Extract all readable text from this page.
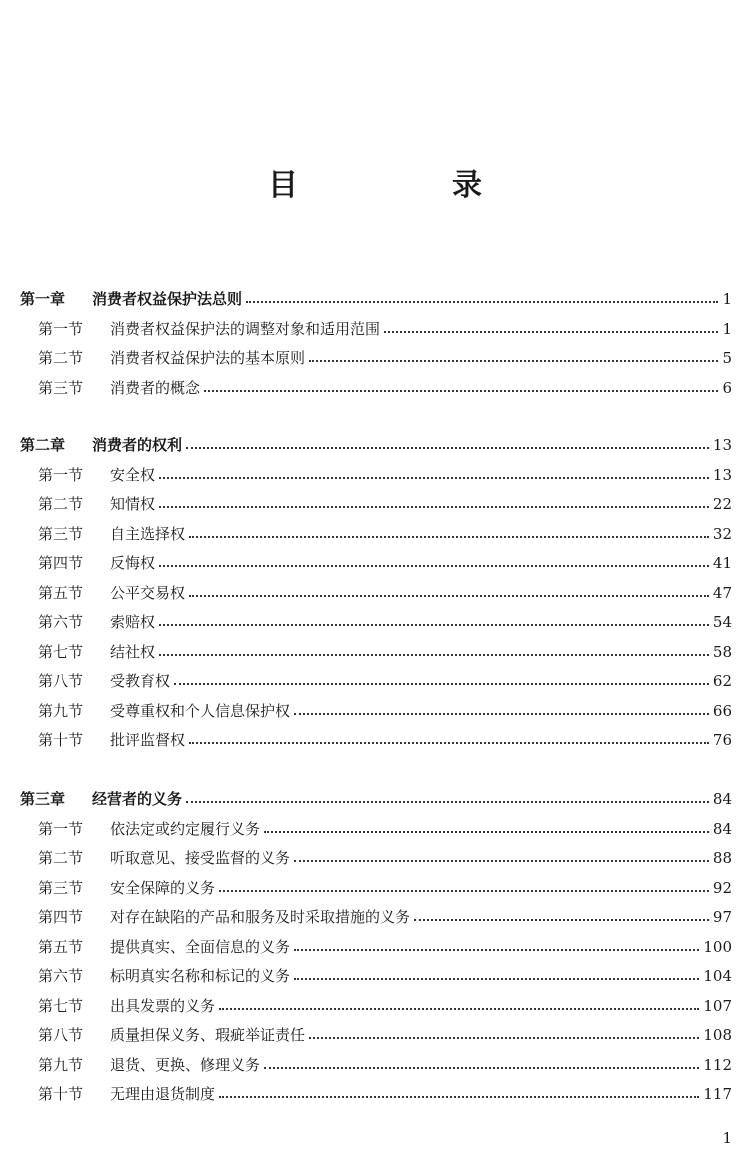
目　录
第一章	消费者权益保护法总则	1
第一节	消费者权益保护法的调整对象和适用范围	1
第二节	消费者权益保护法的基本原则	5
第三节	消费者的概念	6
第二章	消费者的权利	13
第一节	安全权	13
第二节	知情权	22
第三节	自主选择权	32
第四节	反悔权	41
第五节	公平交易权	47
第六节	索赔权	54
第七节	结社权	58
第八节	受教育权	62
第九节	受尊重权和个人信息保护权	66
第十节	批评监督权	76
第三章	经营者的义务	84
第一节	依法定或约定履行义务	84
第二节	听取意见、接受监督的义务	88
第三节	安全保障的义务	92
第四节	对存在缺陷的产品和服务及时采取措施的义务	97
第五节	提供真实、全面信息的义务	100
第六节	标明真实名称和标记的义务	104
第七节	出具发票的义务	107
第八节	质量担保义务、瑕疵举证责任	108
第九节	退货、更换、修理义务	112
第十节	无理由退货制度	117
1
